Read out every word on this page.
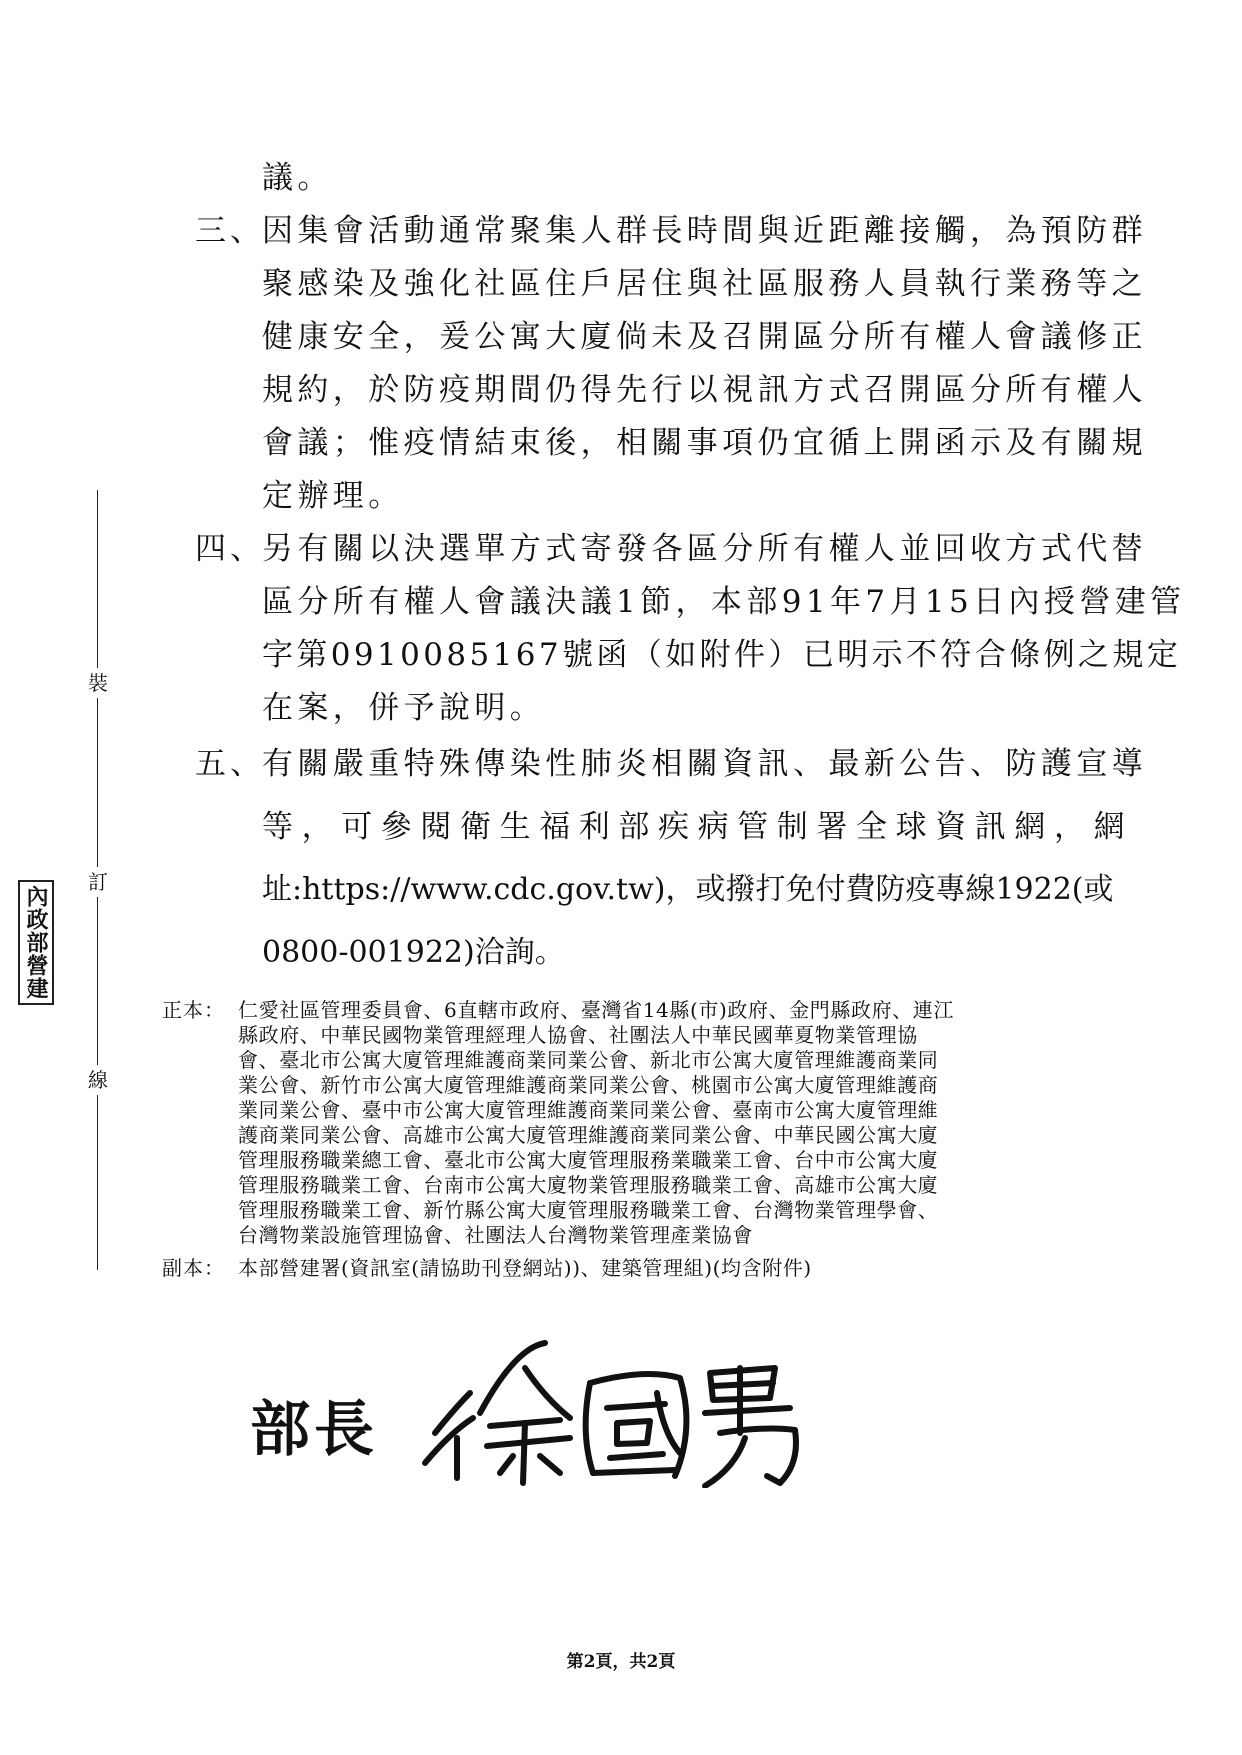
裝
訂
線
內政部營建
議。
三、
因集會活動通常聚集人群長時間與近距離接觸，為預防群
聚感染及強化社區住戶居住與社區服務人員執行業務等之
健康安全，爰公寓大廈倘未及召開區分所有權人會議修正
規約，於防疫期間仍得先行以視訊方式召開區分所有權人
會議；惟疫情結束後，相關事項仍宜循上開函示及有關規
定辦理。
四、
另有關以決選單方式寄發各區分所有權人並回收方式代替
區分所有權人會議決議1節，本部91年7月15日內授營建管
字第0910085167號函（如附件）已明示不符合條例之規定
在案，併予說明。
五、
有關嚴重特殊傳染性肺炎相關資訊、最新公告、防護宣導
等，可參閱衛生福利部疾病管制署全球資訊網，網
址:https://www.cdc.gov.tw)，或撥打免付費防疫專線1922(或
0800-001922)洽詢。
正本： 仁愛社區管理委員會、6直轄市政府、臺灣省14縣(市)政府、金門縣政府、連江
縣政府、中華民國物業管理經理人協會、社團法人中華民國華夏物業管理協
會、臺北市公寓大廈管理維護商業同業公會、新北市公寓大廈管理維護商業同
業公會、新竹市公寓大廈管理維護商業同業公會、桃園市公寓大廈管理維護商
業同業公會、臺中市公寓大廈管理維護商業同業公會、臺南市公寓大廈管理維
護商業同業公會、高雄市公寓大廈管理維護商業同業公會、中華民國公寓大廈
管理服務職業總工會、臺北市公寓大廈管理服務業職業工會、台中市公寓大廈
管理服務職業工會、台南市公寓大廈物業管理服務職業工會、高雄市公寓大廈
管理服務職業工會、新竹縣公寓大廈管理服務職業工會、台灣物業管理學會、
台灣物業設施管理協會、社團法人台灣物業管理產業協會
副本： 本部營建署(資訊室(請協助刊登網站))、建築管理組)(均含附件)
部長
徐國勇
第2頁，共2頁
